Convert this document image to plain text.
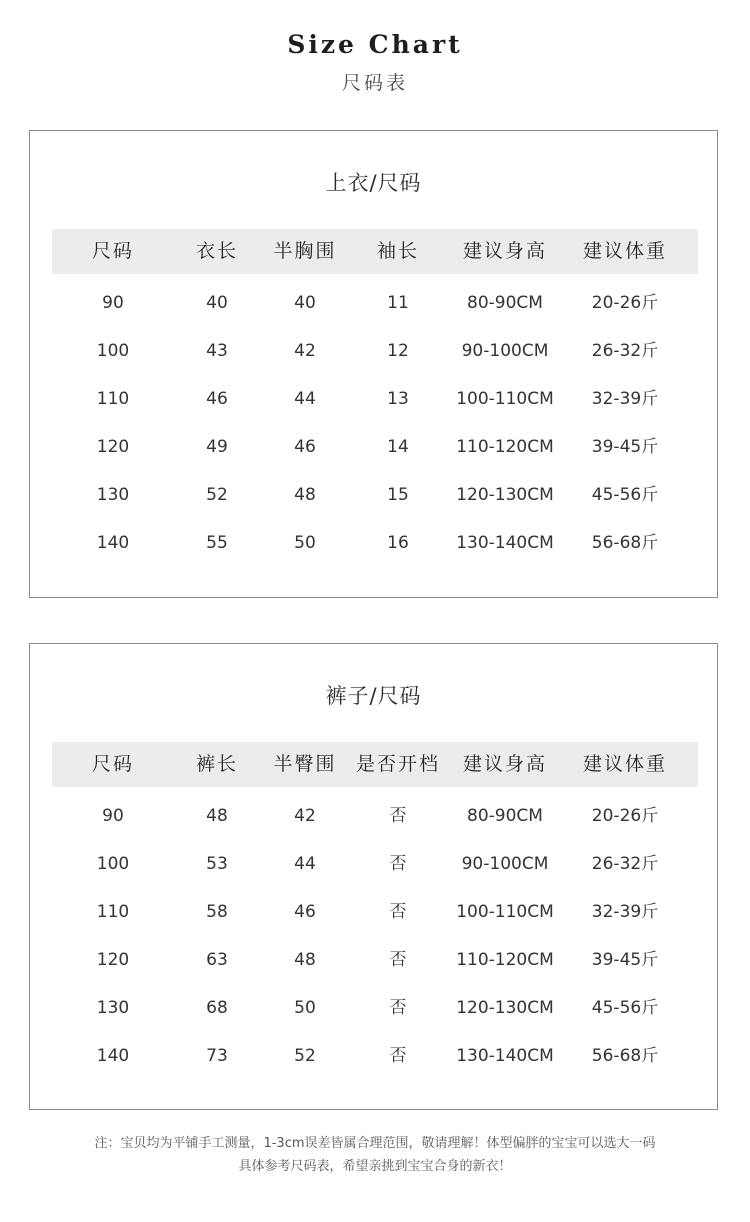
Size Chart
尺码表
上衣/尺码
尺码	衣长	半胸围	袖长	建议身高	建议体重
90	40	40	11	80-90CM	20-26斤
100	43	42	12	90-100CM	26-32斤
110	46	44	13	100-110CM	32-39斤
120	49	46	14	110-120CM	39-45斤
130	52	48	15	120-130CM	45-56斤
140	55	50	16	130-140CM	56-68斤
裤子/尺码
尺码	裤长	半臀围	是否开档	建议身高	建议体重
90	48	42	否	80-90CM	20-26斤
100	53	44	否	90-100CM	26-32斤
110	58	46	否	100-110CM	32-39斤
120	63	48	否	110-120CM	39-45斤
130	68	50	否	120-130CM	45-56斤
140	73	52	否	130-140CM	56-68斤
注：宝贝均为平铺手工测量，1-3cm误差皆属合理范围，敬请理解！体型偏胖的宝宝可以选大一码
具体参考尺码表，希望亲挑到宝宝合身的新衣！
